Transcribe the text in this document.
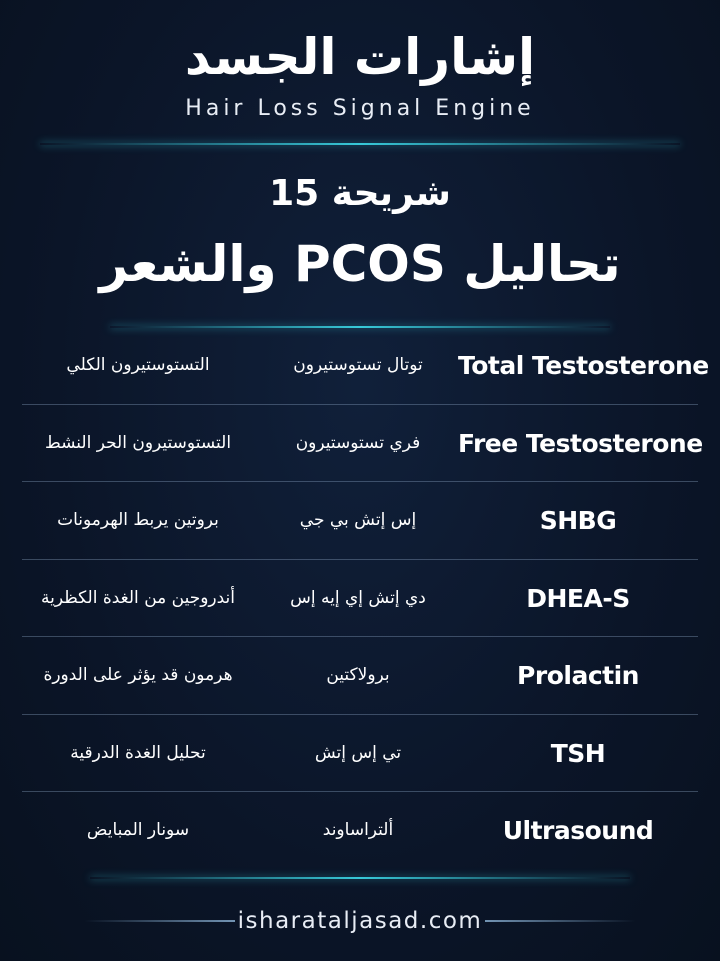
إشارات الجسد
Hair Loss Signal Engine
شريحة 15
تحاليل PCOS والشعر
Total Testosterone
توتال تستوستيرون
التستوستيرون الكلي
Free Testosterone
فري تستوستيرون
التستوستيرون الحر النشط
SHBG
إس إتش بي جي
بروتين يربط الهرمونات
DHEA-S
دي إتش إي إيه إس
أندروجين من الغدة الكظرية
Prolactin
برولاكتين
هرمون قد يؤثر على الدورة
TSH
تي إس إتش
تحليل الغدة الدرقية
Ultrasound
ألتراساوند
سونار المبايض
isharataljasad.com
